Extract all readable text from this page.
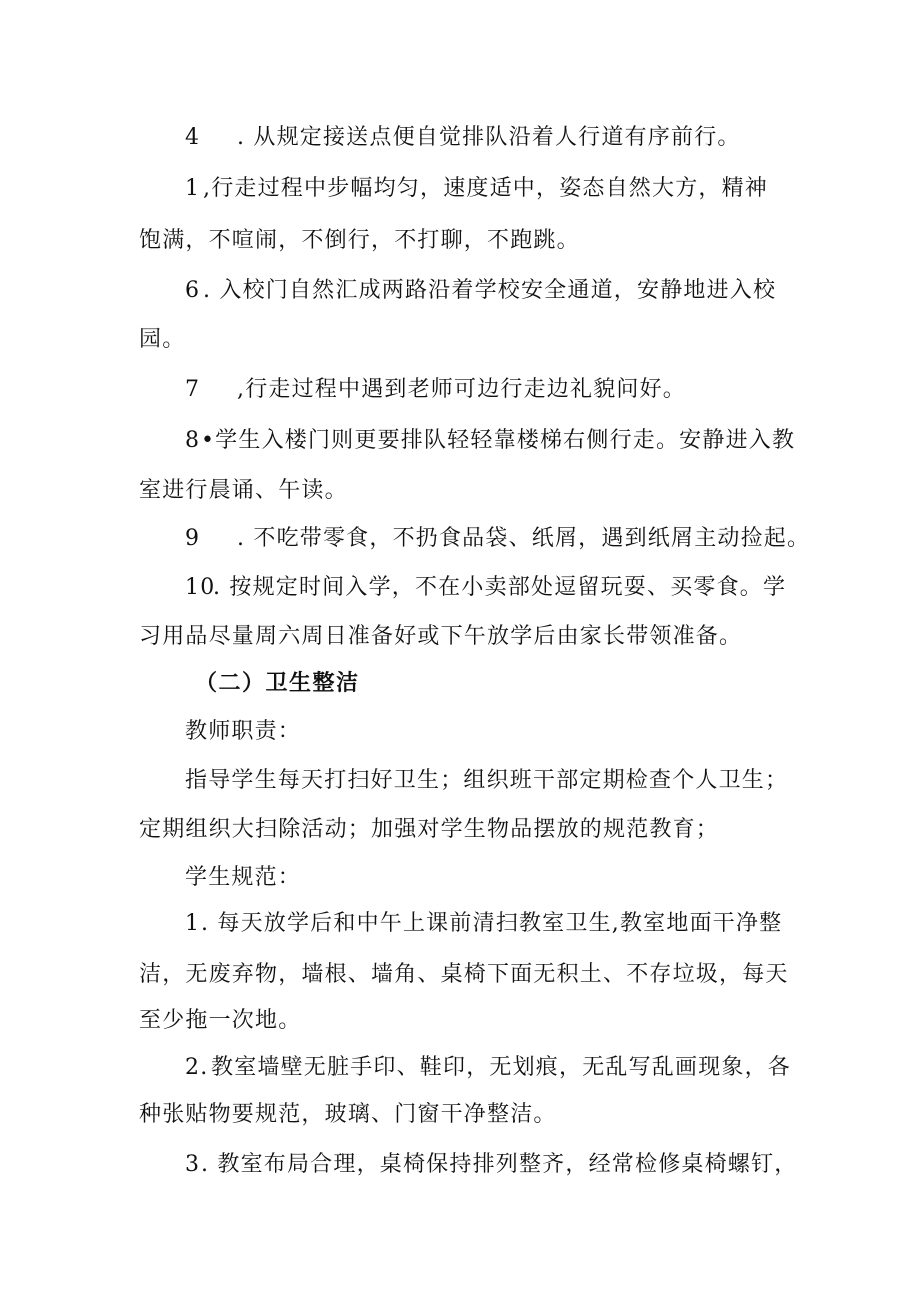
4 . 从规定接送点便自觉排队沿着人行道有序前行。
1 ,行走过程中步幅均匀，速度适中，姿态自然大方，精神
饱满，不喧闹，不倒行，不打聊，不跑跳。
6 . 入校门自然汇成两路沿着学校安全通道，安静地进入校
园。
7 ,行走过程中遇到老师可边行走边礼貌问好。
8•学生入楼门则更要排队轻轻靠楼梯右侧行走。安静进入教
室进行晨诵、午读。
9 . 不吃带零食，不扔食品袋、纸屑，遇到纸屑主动捡起。
10. 按规定时间入学，不在小卖部处逗留玩耍、买零食。学
习用品尽量周六周日准备好或下午放学后由家长带领准备。
（二）卫生整洁
教师职责：
指导学生每天打扫好卫生；组织班干部定期检查个人卫生；
定期组织大扫除活动；加强对学生物品摆放的规范教育；
学生规范：
1. 每天放学后和中午上课前清扫教室卫生,教室地面干净整
洁，无废弃物，墙根、墙角、桌椅下面无积土、不存垃圾，每天
至少拖一次地。
2. 教室墙壁无脏手印、鞋印，无划痕，无乱写乱画现象，各
种张贴物要规范，玻璃、门窗干净整洁。
3. 教室布局合理，桌椅保持排列整齐，经常检修桌椅螺钉，
